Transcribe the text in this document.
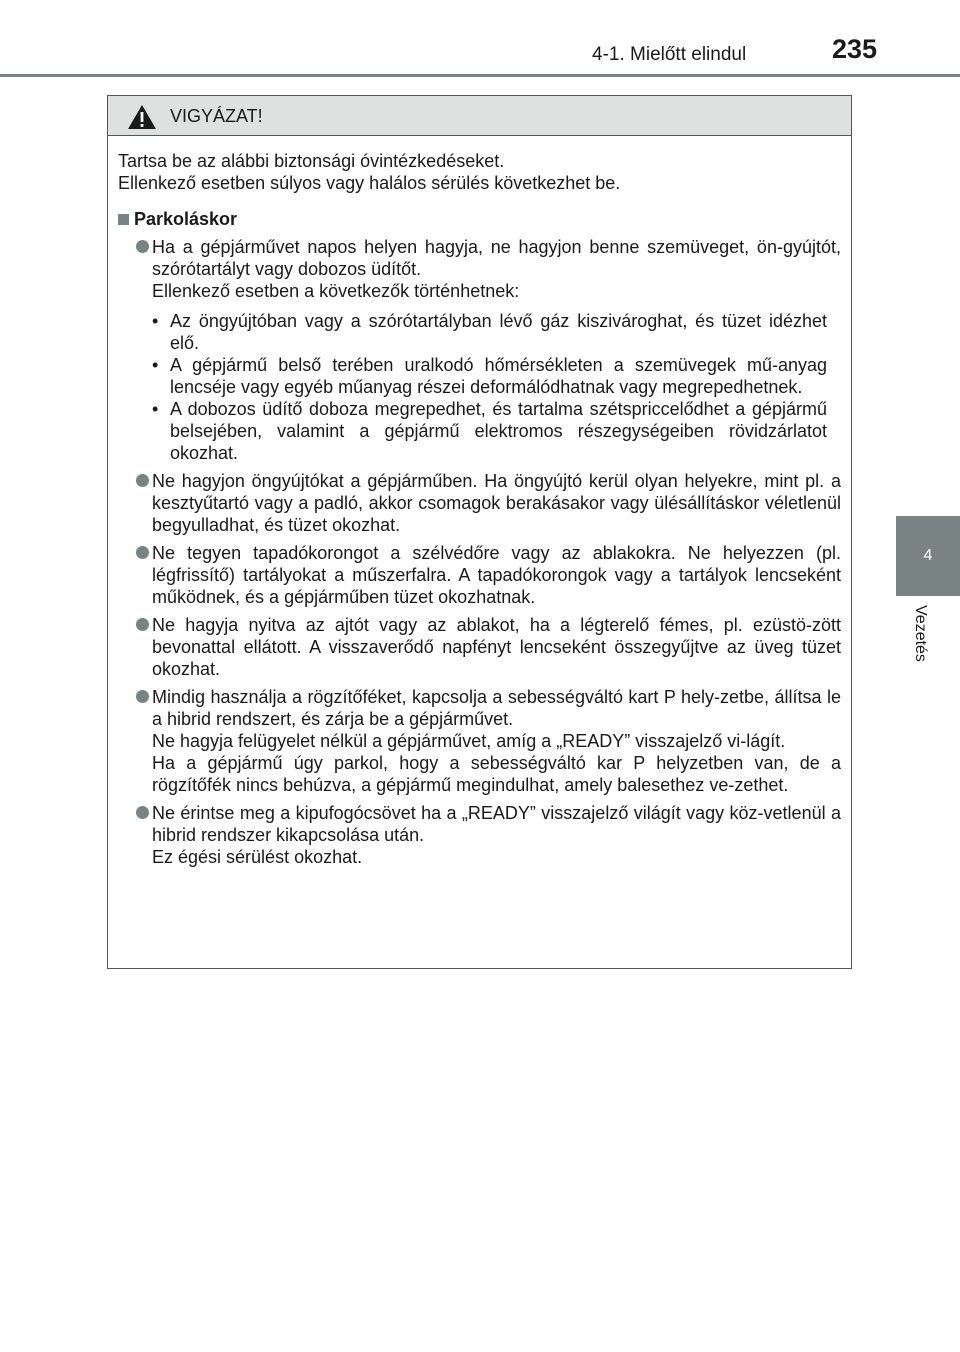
4-1. Mielőtt elindul	235
4
Vezetés
VIGYÁZAT!

Tartsa be az alábbi biztonsági óvintézkedéseket.

Ellenkező esetben súlyos vagy halálos sérülés következhet be.

Parkoláskor

Ha a gépjárművet napos helyen hagyja, ne hagyjon benne szemüveget, ön-gyújtót, szórótartályt vagy dobozos üdítőt.

Ellenkező esetben a következők történhetnek:

• Az öngyújtóban vagy a szórótartályban lévő gáz kiszivároghat, és tüzet idézhet elő.
• A gépjármű belső terében uralkodó hőmérsékleten a szemüvegek mű-anyag lencséje vagy egyéb műanyag részei deformálódhatnak vagy megrepedhetnek.
• A dobozos üdítő doboza megrepedhet, és tartalma szétspriccelődhet a gépjármű belsejében, valamint a gépjármű elektromos részegységeiben rövidzárlatot okozhat.

Ne hagyjon öngyújtókat a gépjárműben. Ha öngyújtó kerül olyan helyekre, mint pl. a kesztyűtartó vagy a padló, akkor csomagok berakásakor vagy ülésállításkor véletlenül begyulladhat, és tüzet okozhat.

Ne tegyen tapadókorongot a szélvédőre vagy az ablakokra. Ne helyezzen (pl. légfrissítő) tartályokat a műszerfalra. A tapadókorongok vagy a tartályok lencseként működnek, és a gépjárműben tüzet okozhatnak.

Ne hagyja nyitva az ajtót vagy az ablakot, ha a légterelő fémes, pl. ezüstö-zött bevonattal ellátott. A visszaverődő napfényt lencseként összegyűjtve az üveg tüzet okozhat.

Mindig használja a rögzítőféket, kapcsolja a sebességváltó kart P hely-zetbe, állítsa le a hibrid rendszert, és zárja be a gépjárművet.

Ne hagyja felügyelet nélkül a gépjárművet, amíg a „READY” visszajelző vi-lágít.

Ha a gépjármű úgy parkol, hogy a sebességváltó kar P helyzetben van, de a rögzítőfék nincs behúzva, a gépjármű megindulhat, amely balesethez ve-zethet.

Ne érintse meg a kipufogócsövet ha a „READY” visszajelző világít vagy köz-vetlenül a hibrid rendszer kikapcsolása után.

Ez égési sérülést okozhat.
